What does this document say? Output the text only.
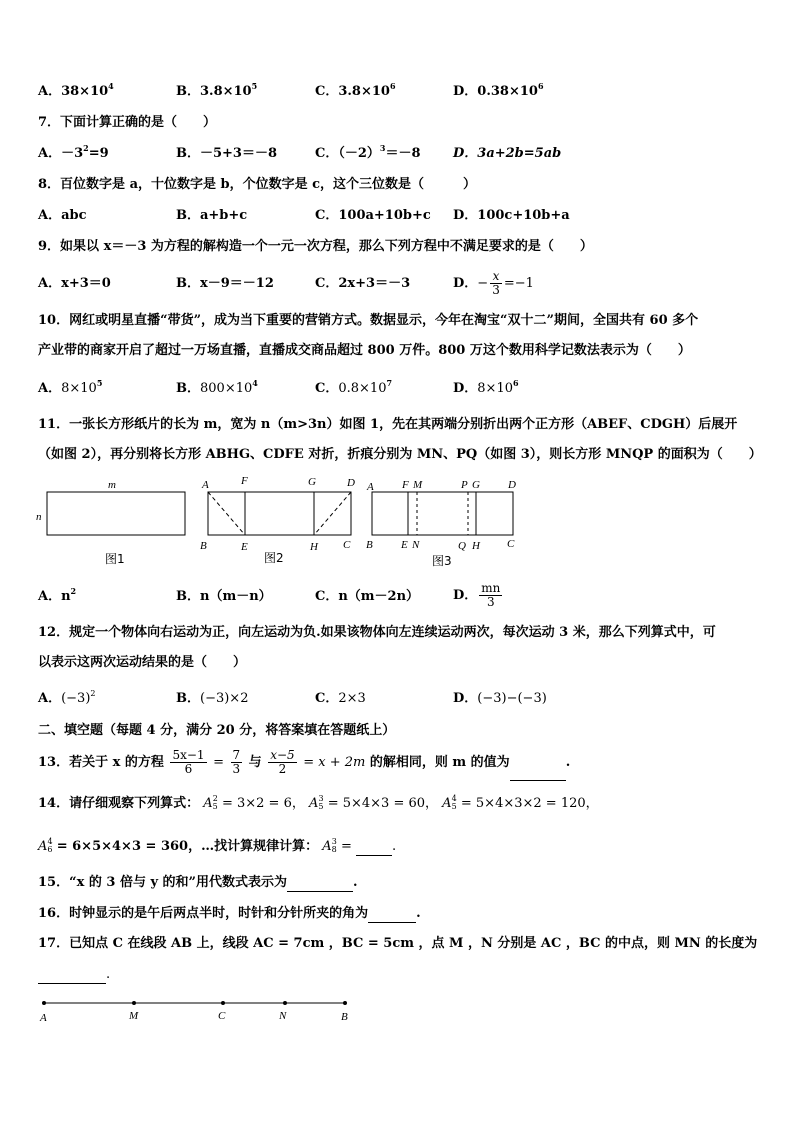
A．$38\times 10^4$	B．$3.8\times 10^5$	C．$3.8\times 10^6$	D．$0.38\times 10^6$
7．下面计算正确的是（　　）
A．$-3^2=9$	B．－5+3＝－8	C．$(-2)^3=-8$ D．3a+2b=5ab
8．百位数字是 a，十位数字是 b，个位数字是 c，这个三位数是（　　　）
A．abc	B．a+b+c	C．100a+10b+c D．100c+10b+a
9．如果以 x＝－3 为方程的解构造一个一元一次方程，那么下列方程中不满足要求的是（　　）
A．x+3＝0	B．x－9＝－12	C．2x+3＝－3	D．− $\frac{x}{3} =-1$
10．网红或明星直播“带货”，成为当下重要的营销方式。数据显示，今年在淘宝“双十二”期间，全国共有 60 多个
产业带的商家开启了超过一万场直播，直播成交商品超过 800 万件。800 万这个数用科学记数法表示为（　　）
A．$8\times 10^5$	B．$800\times 10^4$	C．$0.8\times 10^7$	D．$8\times 10^6$
11．一张长方形纸片的长为 m，宽为 n（m>3n）如图 1，先在其两端分别折出两个正方形（ABEF、CDGH）后展开
（如图 2），再分别将长方形 ABHG、CDFE 对折，折痕分别为 MN、PQ（如图 3），则长方形 MNQP 的面积为（　　）
m
n
图1
A	F	G	D
B	E	H C
图2
A	F M	P G	D
B	E N	Q H C
图3
A．$n^2$	B．n（m－n）	C．n（m－2n）	D． $\frac{mn}{3}$
12．规定一个物体向右运动为正，向左运动为负.如果该物体向左连续运动两次，每次运动 3 米，那么下列算式中，可
以表示这两次运动结果的是（　　）
A．$(-3)^2$	B．(−3)×2	C．2×3	D．(−3)−(−3)
二、填空题（每题 4 分，满分 20 分，将答案填在答题纸上）
13．若关于 x 的方程 $\frac{5x-1}{6} = \frac{7}{3}$ 与 $\frac{x-5}{2} = x + 2m$ 的解相同，则 m 的值为	.
14．请仔细观察下列算式： $A_5^2 = 3\times 2 = 6$， $A_5^3 = 5\times 4\times 3 = 60$， $A_5^4 = 5\times 4\times 3\times 2 = 120$，
$A_6^4 = 6\times 5\times 4\times 3 = 360$，…找计算规律计算： $A_8^3$ =	.
15．“x 的 3 倍与 y 的和”用代数式表示为	.
16．时钟显示的是午后两点半时，时针和分针所夹的角为	.
17．已知点 C 在线段 AB 上，线段 AC = 7cm ，BC = 5cm ，点 M ，N 分别是 AC ，BC 的中点，则 MN 的长度为
.
A	M	C	N	B
